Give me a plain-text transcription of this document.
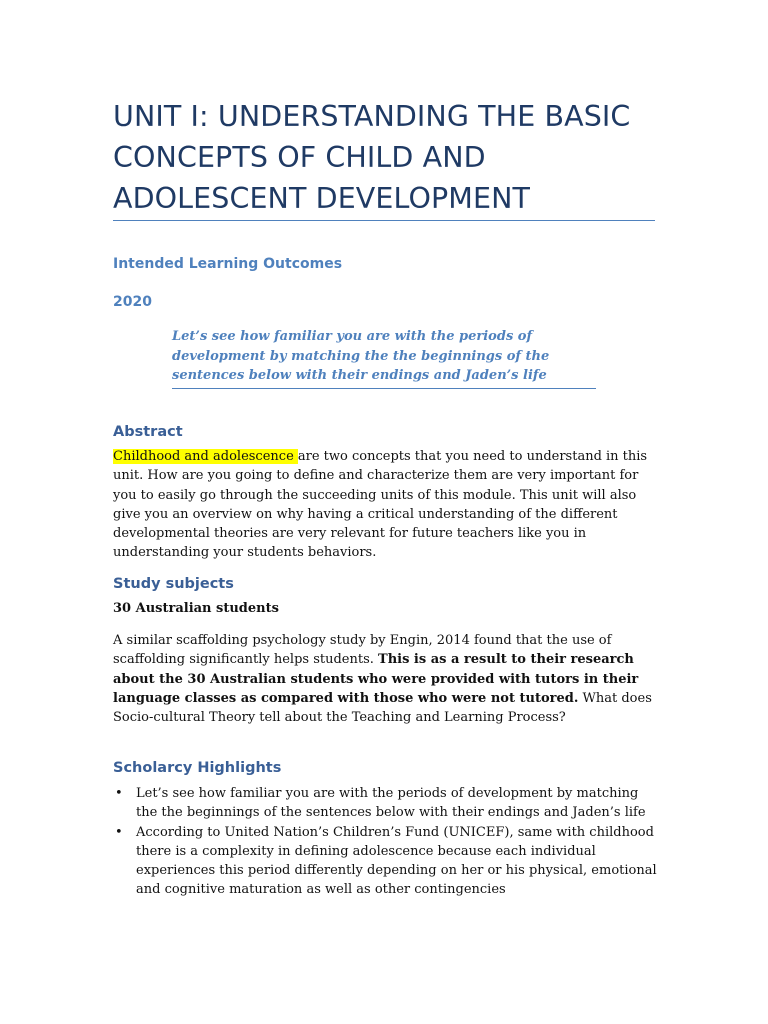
UNIT I: UNDERSTANDING THE BASIC CONCEPTS OF CHILD AND ADOLESCENT DEVELOPMENT
Intended Learning Outcomes
2020
Let’s see how familiar you are with the periods of development by matching the the beginnings of the sentences below with their endings and Jaden’s life
Abstract
Childhood and adolescence are two concepts that you need to understand in this unit. How are you going to define and characterize them are very important for you to easily go through the succeeding units of this module. This unit will also give you an overview on why having a critical understanding of the different developmental theories are very relevant for future teachers like you in understanding your students behaviors.
Study subjects
30 Australian students
A similar scaffolding psychology study by Engin, 2014 found that the use of scaffolding significantly helps students. This is as a result to their research about the 30 Australian students who were provided with tutors in their language classes as compared with those who were not tutored. What does Socio-cultural Theory tell about the Teaching and Learning Process?
Scholarcy Highlights
• Let’s see how familiar you are with the periods of development by matching the the beginnings of the sentences below with their endings and Jaden’s life
• According to United Nation’s Children’s Fund (UNICEF), same with childhood there is a complexity in defining adolescence because each individual experiences this period differently depending on her or his physical, emotional and cognitive maturation as well as other contingencies
